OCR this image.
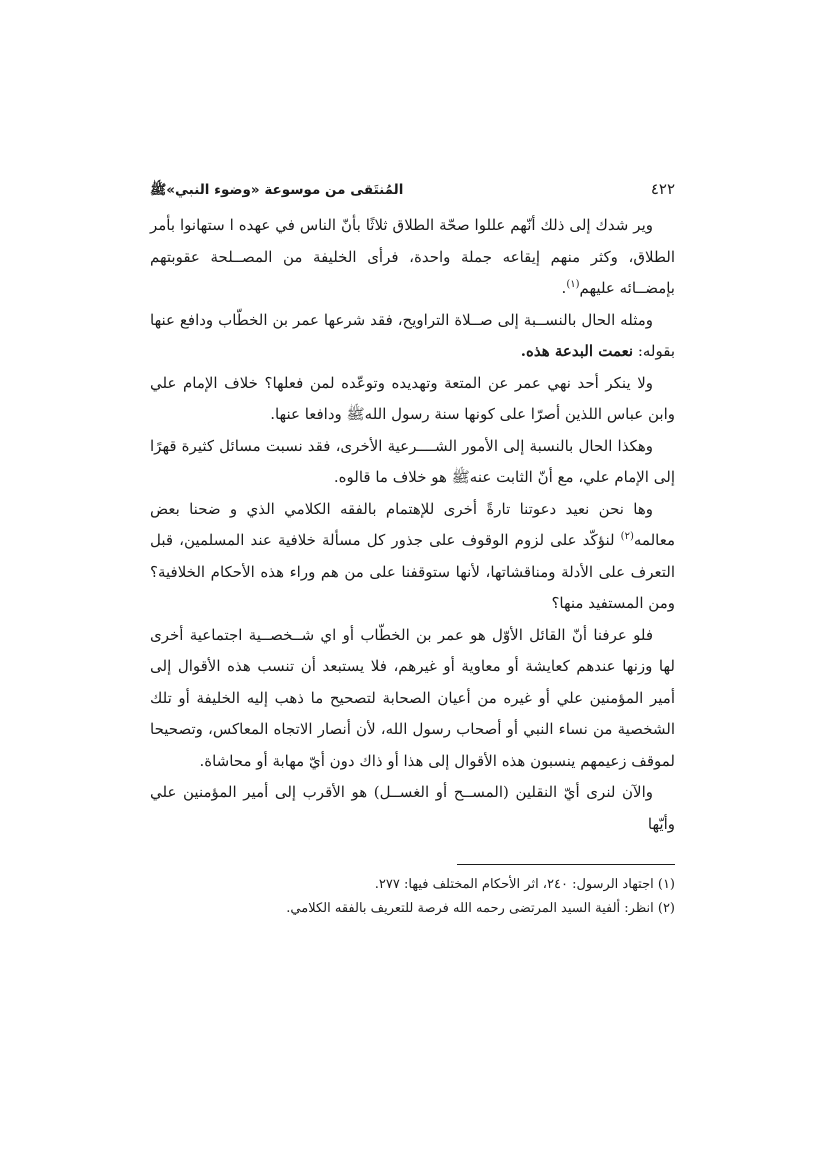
٤٢٢
المُنتَقى من موسوعة «وضوء النبي»ﷺ

وير شدك إلى ذلك أنّهم عللوا صحّة الطلاق ثلاثًا بأنّ الناس في عهده ا ستهانوا بأمر الطلاق، وكثر منهم إيقاعه جملة واحدة، فرأى الخليفة من المصــلحة عقوبتهم بإمضــائه عليهم$^{(١)}$.

ومثله الحال بالنســبة إلى صــلاة التراويح، فقد شرعها عمر بن الخطّاب ودافع عنها بقوله: نعمت البدعة هذه.

ولا ينكر أحد نهي عمر عن المتعة وتهديده وتوعّده لمن فعلها؟ خلاف الإمام علي وابن عباس اللذين أصرّا على كونها سنة رسول اللهﷺ ودافعا عنها.

وهكذا الحال بالنسبة إلى الأمور الشــــرعية الأخرى، فقد نسبت مسائل كثيرة قهرًا إلى الإمام علي، مع أنّ الثابت عنهﷺ هو خلاف ما قالوه.

وها نحن نعيد دعوتنا تارةً أخرى للإهتمام بالفقه الكلامي الذي و ضحنا بعض معالمه$^{(٢)}$ لنؤكّد على لزوم الوقوف على جذور كل مسألة خلافية عند المسلمين، قبل التعرف على الأدلة ومناقشاتها، لأنها ستوقفنا على من هم وراء هذه الأحكام الخلافية؟ ومن المستفيد منها؟

فلو عرفنا أنّ القائل الأوّل هو عمر بن الخطّاب أو اي شــخصــية اجتماعية أخرى لها وزنها عندهم كعايشة أو معاوية أو غيرهم، فلا يستبعد أن تنسب هذه الأقوال إلى أمير المؤمنين علي أو غيره من أعيان الصحابة لتصحيح ما ذهب إليه الخليفة أو تلك الشخصية من نساء النبي أو أصحاب رسول الله، لأن أنصار الاتجاه المعاكس، وتصحيحا لموقف زعيمهم ينسبون هذه الأقوال إلى هذا أو ذاك دون أيّ مهابة أو محاشاة.

والآن لنرى أيّ النقلين (المســح أو الغســل) هو الأقرب إلى أمير المؤمنين علي وأيّها

(١) اجتهاد الرسول: ٢٤٠، اثر الأحكام المختلف فيها: ٢٧٧.

(٢) انظر: ألفية السيد المرتضى رحمه الله فرصة للتعريف بالفقه الكلامي.
